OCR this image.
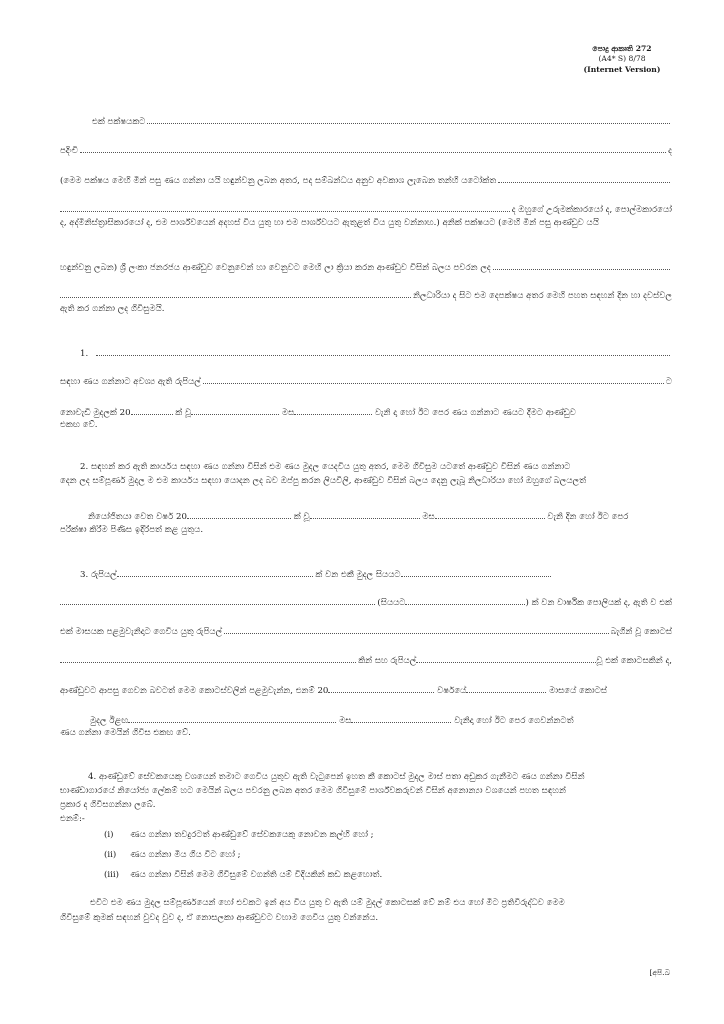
පොදු ආකෘති 272
(A4* S) 8/78
(Internet Version)
එක් පක්ෂයකට
පදිංචි	ද
(මෙම පක්ෂය මෙහි මින් පසු ණය ගන්නා යයි හඳුන්වනු ලබන අතර, පද සම්බන්ධය අනුව අවකාශ ලැබෙන තන්හි යටෝක්ත
ද ඔහුගේ උරුමක්කාරයෝ ද, පොල්මකාරයෝ
ද, අද්මිනිස්ත්‍රාසිකාරයෝ ද, එම පාර්ශ්වයෙන් අදහස් විය යුතු හා එම පාර්ශ්වයට ඇතුළත් විය යුතු වන්නාහ.) අනික් පක්ෂයට (මෙහි මින් පසු ආණ්ඩුව යයි
හඳුන්වනු ලබන) ශ්‍රී ලංකා ජනරජය ආණ්ඩුව වෙනුවෙන් හා වෙනුවට මෙහි ලා ක්‍රියා කරන ආණ්ඩුව විසින් බලය පවරන ලද
නිලධාරියා ද සිට එම දෙපක්ෂය අතර මෙහි පහත සඳහන් දින හා දවස්වල
ඇති කර ගන්නා ලද ගිවිසුමයි.
1.
සඳහා ණය ගන්නාට අවශ්‍ය ඇති රුපියල්	ට
නොවැඩි මුදලක් 20	ක් වූ	මස	වැනි දා හෝ ඊට පෙර ණය ගන්නාට ණයට දීමට ආණ්ඩුව
එකඟ වේ.
2. සඳහන් කර ඇති කාර්යය සඳහා ණය ගන්නා විසින් එම ණය මුදල යෙදවිය යුතු අතර, මෙම ගිවිසුම යටතේ ආණ්ඩුව විසින් ණය ගන්නාට
දෙන ලද සම්පූර්ණ මුදල ම එම කාර්යය සඳහා යොදන ලද බව ඔප්පු කරන ලියවිලි, ආණ්ඩුව විසින් බලය දෙනු ලැබූ නිලධාරියා හෝ ඔහුගේ බලයලත්
නියෝජිතයා වෙත වර්ෂ 20	ක් වූ	මස	වැනි දින හෝ ඊට පෙර
පරීක්ෂා කිරීම පිණිස ඉදිරිපත් කළ යුතුය.
3. රුපියල්	ක් වන එකී මුදල සියයට
(සියයට	) ක් වන වාර්ෂික පොලියක් ද, ඇති ව එක්
එක් මාසයක පළමුවැනිදාට ගෙවිය යුතු රුපියල්	බැගින් වූ කොටස්
කින් සහ රුපියල්	වූ එක් කොටසකින් ද,
ආණ්ඩුවට ආපසු ගෙවන බවටත් මෙම කොටස්වලින් පළමුවැන්න, එනම් 20	වර්ෂයේ	මාසයේ කොටස්
මුදල ඊළඟ	මස	වැනිදා හෝ ඊට පෙර ගෙවන්නටත්
ණය ගන්නා මෙයින් ගිවිස එකඟ වේ.
4. ආණ්ඩුවේ සේවකයෙකු වශයෙන් තමාට ගෙවිය යුතුව ඇති වැටුපෙන් ඉහත කී කොටස් මුදල මාස් පතා අඩුකර ගැනීමට ණය ගන්නා විසින්
භාණ්ඩාගාරයේ නියෝජ්‍ය ලේකම් හට මෙයින් බලය පවරනු ලබන අතර මෙම ගිවිසුමේ පාර්ශ්වකරුවන් විසින් අනොන්‍යා වශයෙන් පහත සඳහන්
ප්‍රකාර ද ගිවිසගන්නා ලබේ.
එනම්:-
(i) ණය ගන්නා තවදුරටත් ආණ්ඩුවේ සේවකයෙකු නොවන කල්හි හෝ ;
(ii) ණය ගන්නා මිය ගිය විට හෝ ;
(iii) ණය ගන්නා විසින් මෙම ගිවිසුමේ වගන්ති යම් විදියකින් කඩ කළහොත්.
එවිට එම ණය මුදල සම්පූර්ණයෙන් හෝ එවකට ඉන් අය විය යුතු ව ඇති යම් මුදල් කොටසක් වේ නම් එය හෝ මිට ප්‍රතිවිරුද්ධව මෙම
ගිවිසුමේ කුමක් සඳහන් වුවද වුව ද, ඒ නොසලකා ආණ්ඩුවට වහාම ගෙවිය යුතු වන්නේය.
[අපි.බ
